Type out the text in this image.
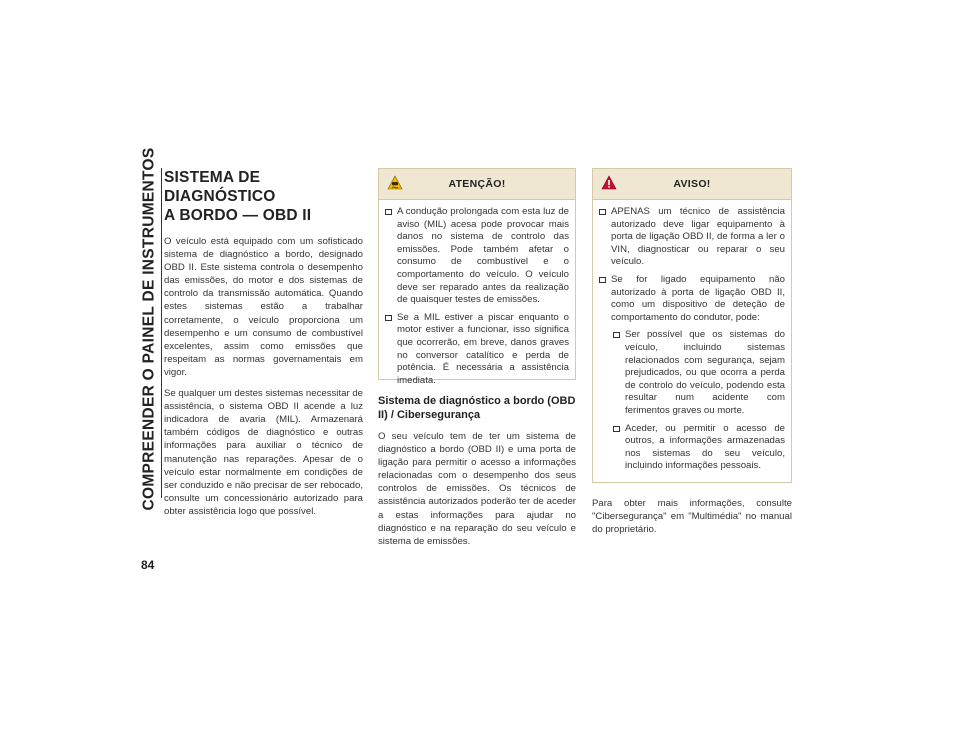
COMPREENDER O PAINEL DE INSTRUMENTOS
84
SISTEMA DE DIAGNÓSTICO
A BORDO — OBD II

O veículo está equipado com um sofisticado sistema de diagnóstico a bordo, designado OBD II. Este sistema controla o desempenho das emissões, do motor e dos sistemas de controlo da transmissão automática. Quando estes sistemas estão a trabalhar corretamente, o veículo proporciona um desempenho e um consumo de combustível excelentes, assim como emissões que respeitam as normas governamentais em vigor.

Se qualquer um destes sistemas necessitar de assistência, o sistema OBD II acende a luz indicadora de avaria (MIL). Armazenará também códigos de diagnóstico e outras informações para auxiliar o técnico de manutenção nas reparações. Apesar de o veículo estar normalmente em condições de ser conduzido e não precisar de ser rebocado, consulte um concessionário autorizado para obter assistência logo que possível.

ATENÇÃO!
A condução prolongada com esta luz de aviso (MIL) acesa pode provocar mais danos no sistema de controlo das emissões. Pode também afetar o consumo de combustível e o comportamento do veículo. O veículo deve ser reparado antes da realização de quaisquer testes de emissões.
Se a MIL estiver a piscar enquanto o motor estiver a funcionar, isso significa que ocorrerão, em breve, danos graves no conversor catalítico e perda de potência. É necessária a assistência imediata.
Sistema de diagnóstico a bordo (OBD II) / Cibersegurança

O seu veículo tem de ter um sistema de diagnóstico a bordo (OBD II) e uma porta de ligação para permitir o acesso a informações relacionadas com o desempenho dos seus controlos de emissões. Os técnicos de assistência autorizados poderão ter de aceder a estas informações para ajudar no diagnóstico e na reparação do seu veículo e sistema de emissões.

AVISO!
APENAS um técnico de assistência autorizado deve ligar equipamento à porta de ligação OBD II, de forma a ler o VIN, diagnosticar ou reparar o seu veículo.
Se for ligado equipamento não autorizado à porta de ligação OBD II, como um dispositivo de deteção de comportamento do condutor, pode:
Ser possível que os sistemas do veículo, incluindo sistemas relacionados com segurança, sejam prejudicados, ou que ocorra a perda de controlo do veículo, podendo esta resultar num acidente com ferimentos graves ou morte.
Aceder, ou permitir o acesso de outros, a informações armazenadas nos sistemas do seu veículo, incluindo informações pessoais.

Para obter mais informações, consulte "Cibersegurança" em "Multimédia" no manual do proprietário.
